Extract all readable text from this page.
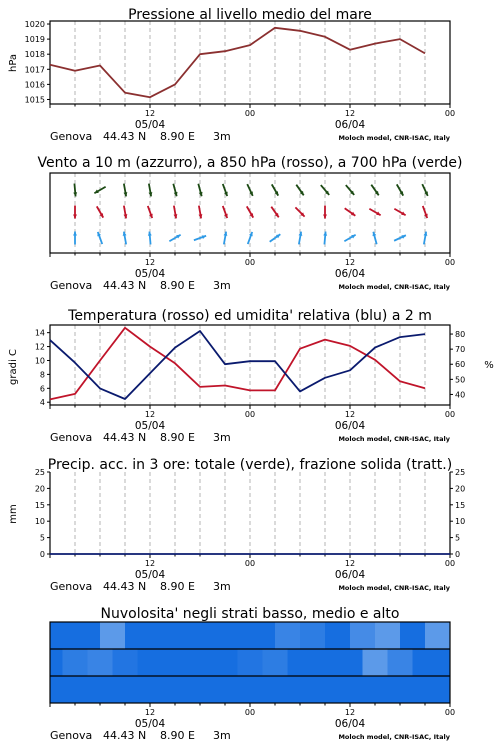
Pressione al livello medio del mare
hPa
12	00	12	00
05/04	06/04
Genova 44.43 N 8.90 E 3m	Moloch model, CNR-ISAC, Italy
1015
1016
1017
1018
1019
1020
Vento a 10 m (azzurro), a 850 hPa (rosso), a 700 hPa (verde)
12	00	12	00
05/04	06/04
Genova 44.43 N 8.90 E 3m	Moloch model, CNR-ISAC, Italy
Temperatura (rosso) ed umidita' relativa (blu) a 2 m
gradi C	%
12	00	12	00
05/04	06/04
Genova 44.43 N 8.90 E 3m	Moloch model, CNR-ISAC, Italy
4
6
8
10
12
14
40
50
60
70
80
Precip. acc. in 3 ore: totale (verde), frazione solida (tratt.)
mm
12	00	12	00
05/04	06/04
Genova 44.43 N 8.90 E 3m	Moloch model, CNR-ISAC, Italy
0
5
10
15
20
25
0
5
10
15
20
25
Nuvolosita' negli strati basso, medio e alto
12	00	12	00
05/04	06/04
Genova 44.43 N 8.90 E 3m	Moloch model, CNR-ISAC, Italy
